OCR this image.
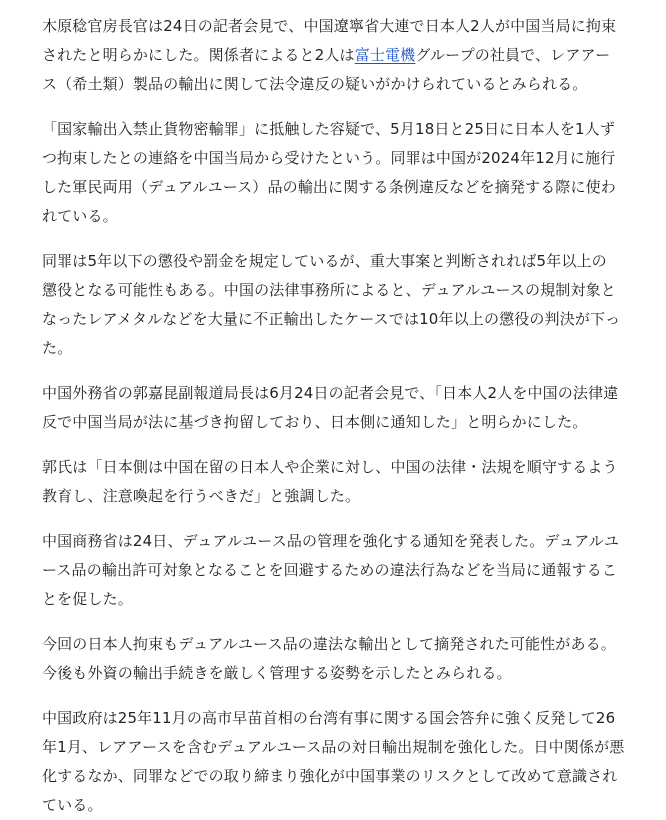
木原稔官房長官は24日の記者会見で、中国遼寧省大連で日本人2人が中国当局に拘束
されたと明らかにした。関係者によると2人は富士電機グループの社員で、レアアー
ス（希土類）製品の輸出に関して法令違反の疑いがかけられているとみられる。

「国家輸出入禁止貨物密輸罪」に抵触した容疑で、5月18日と25日に日本人を1人ず
つ拘束したとの連絡を中国当局から受けたという。同罪は中国が2024年12月に施行
した軍民両用（デュアルユース）品の輸出に関する条例違反などを摘発する際に使わ
れている。

同罪は5年以下の懲役や罰金を規定しているが、重大事案と判断されれば5年以上の
懲役となる可能性もある。中国の法律事務所によると、デュアルユースの規制対象と
なったレアメタルなどを大量に不正輸出したケースでは10年以上の懲役の判決が下っ
た。

中国外務省の郭嘉昆副報道局長は6月24日の記者会見で、「日本人2人を中国の法律違
反で中国当局が法に基づき拘留しており、日本側に通知した」と明らかにした。

郭氏は「日本側は中国在留の日本人や企業に対し、中国の法律・法規を順守するよう
教育し、注意喚起を行うべきだ」と強調した。

中国商務省は24日、デュアルユース品の管理を強化する通知を発表した。デュアルユ
ース品の輸出許可対象となることを回避するための違法行為などを当局に通報するこ
とを促した。

今回の日本人拘束もデュアルユース品の違法な輸出として摘発された可能性がある。
今後も外資の輸出手続きを厳しく管理する姿勢を示したとみられる。

中国政府は25年11月の高市早苗首相の台湾有事に関する国会答弁に強く反発して26
年1月、レアアースを含むデュアルユース品の対日輸出規制を強化した。日中関係が悪
化するなか、同罪などでの取り締まり強化が中国事業のリスクとして改めて意識され
ている。
